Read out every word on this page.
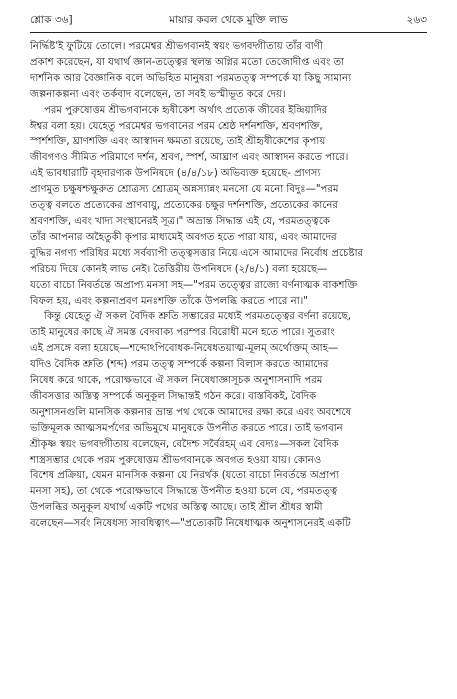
শ্লোক ৩৬]	মায়ার কবল থেকে মুক্তি লাভ	২৬৩
নির্দ্ধিষ্ট'ই ফুটিয়ে তোলে। পরমেশ্বর শ্রীভগবানই স্বয়ং ভগবদ্গীতায় তাঁর বাণী
প্রকাশ করেছেন, যা যথার্থ জ্ঞান-তত্ত্বের স্থলন্ত অগ্নির মতো তেজোদীপ্ত এবং তা
দার্শনিক আর বৈজ্ঞানিক বলে অভিহিত মানুষরা পরমতত্ত্ব সম্পর্কে যা কিছু সামান্য
জল্পনাকল্পনা এবং তর্কবাদ বলেছেন, তা সবই ভস্মীভূত করে দেয়।
পরম পুরুষোত্তম শ্রীভগবানকে হৃষীকেশ অর্থাৎ প্রত্যেক জীবের ইন্দ্রিয়াদির
ঈশ্বর বলা হয়। যেহেতু পরমেশ্বর ভগবানের পরম শ্রেষ্ঠ দর্শনশক্তি, শ্রবণশক্তি,
স্পর্শশক্তি, ঘ্রাণশক্তি এবং আস্বাদন ক্ষমতা রয়েছে, তাই শ্রীহৃষীকেশের কৃপায়
জীবগণও সীমিত পরিমাণে দর্শন, শ্রবণ, স্পর্শ, আঘ্রাণ এবং আস্বাদন করতে পারে।
এই ভাবধারাটি বৃহদারণ্যক উপনিষদে (৪/৪/১৮) অভিব্যক্ত হয়েছে- প্রাণস্য
প্রাণমুত চক্ষুষশ্চক্ষুরুত শ্রোত্রস্য শ্রোত্রম্ অন্নস্যান্নং মনসো যে মনো বিদুঃ—"পরম
তত্ত্ব বলতে প্রত্যেকের প্রাণবায়ু, প্রত্যেকের চক্ষুর দর্শনশক্তি, প্রত্যেকের কানের
শ্রবণশক্তি, এবং খাদ্য সংস্থানেরই সূত্র।" অভ্রান্ত সিদ্ধান্ত এই যে, পরমতত্ত্বকে
তাঁর আপনার অহৈতুকী কৃপার মাধ্যমেই অবগত হতে পারা যায়, এবং আমাদের
বুদ্ধির নগণ্য পরিধির মধ্যে সর্বব্যাপী তত্ত্বসত্তার নিয়ে এসে আমাদের নির্বোধ প্রচেষ্টার
পরিচয় দিয়ে কোনই লাভ নেই। তৈত্তিরীয় উপনিষদে (২/৪/১) বলা হয়েছে—
যতো বাচো নিবর্তন্তে অপ্রাপ্য মনসা সহ—"পরম তত্ত্বের রাজ্যে বর্ণনাত্মক বাকশক্তি
বিফল হয়, এবং কল্পনাপ্রবণ মনঃশক্তি তাঁকে উপলব্ধি করতে পারে না।"
কিন্তু যেহেতু ঐ সকল বৈদিক শ্রুতি সম্ভারের মধ্যেই পরমতত্ত্বের বর্ণনা রয়েছে,
তাই মানুষের কাছে ঐ সমস্ত বেদবাক্য পরম্পর বিরোধী মনে হতে পারে। সুতরাং
এই প্রসঙ্গে বলা হয়েছে—শব্দোঽপিবোধক-নিষেধতয়াত্ম-মূলম্ অর্থোক্তম্ আহ—
যদিও বৈদিক শ্রুতি (শব্দ) পরম তত্ত্ব সম্পর্কে কল্পনা বিলাস করতে আমাদের
নিষেধ করে থাকে, পরোক্ষভাবে ঐ সকল নিষেধাজ্ঞাসূচক অনুশাসনাদি পরম
জীবসত্তার অস্তিত্ব সম্পর্কে অনুকূল সিদ্ধান্তই গঠন করে। বাস্তবিকই, বৈদিক
অনুশাসনগুলি মানসিক কল্পনার ভ্রান্ত পথ থেকে আমাদের রক্ষা করে এবং অবশেষে
ভক্তিমূলক আত্মসমর্পণের অভিমুখে মানুষকে উপনীত করতে পারে। তাই ভগবান
শ্রীকৃষ্ণ স্বয়ং ভগবদ্গীতায় বলেছেন, বেদৈশ্চ সর্বৈরহম্ এব বেদ্যঃ—সকল বৈদিক
শাস্ত্রসম্ভার থেকে পরম পুরুষোত্তম শ্রীভগবানকে অবগত হওয়া যায়। কোনও
বিশেষ প্রক্রিয়া, যেমন মানসিক কল্পনা যে নিরর্থক (যতো বাচো নিবর্তন্তে অপ্রাপ্য
মনসা সহ), তা থেকে পরোক্ষভাবে সিদ্ধান্তে উপনীত হওয়া চলে যে, পরমতত্ত্ব
উপলব্ধির অনুকূল যথার্থ একটি পথের অস্তিত্ব আছে। তাই শ্রীল শ্রীধর স্বামী
বলেছেন—সর্বং নিষেধস্য সাবধিত্বাৎ—"প্রত্যেকটি নিষেধাত্মক অনুশাসনেরই একটি
